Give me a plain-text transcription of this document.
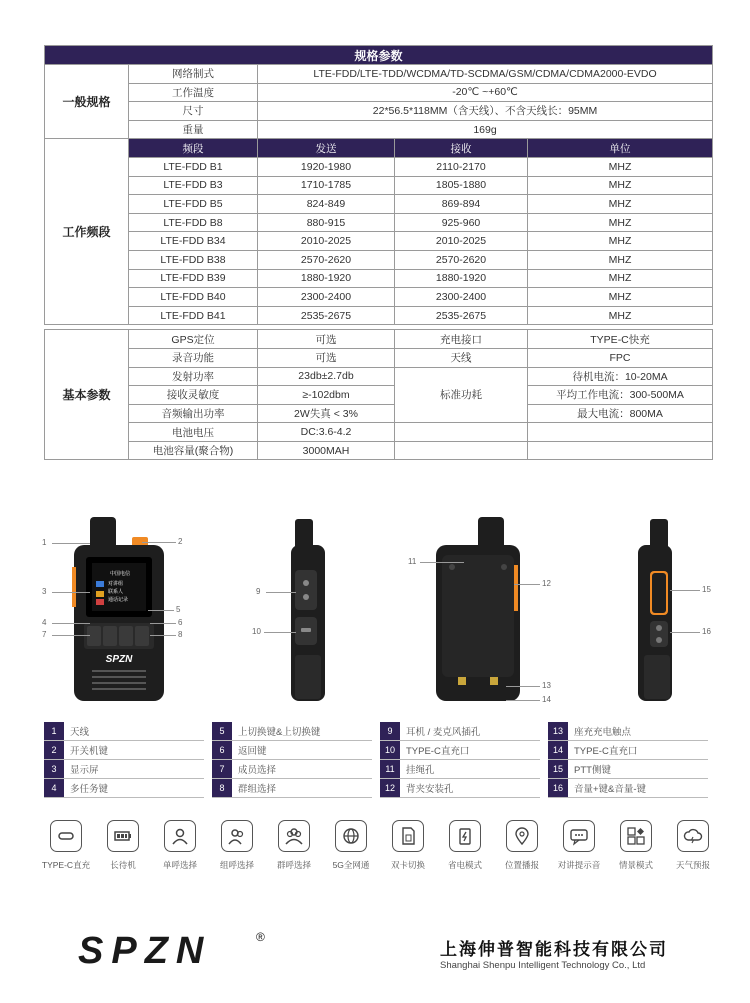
规格参数				
一般规格	网络制式	LTE-FDD/LTE-TDD/WCDMA/TD-SCDMA/GSM/CDMA/CDMA2000-EVDO		
	工作温度	-20℃ ~+60℃		
	尺寸	22*56.5*118MM（含天线）、不含天线长：95MM		
	重量	169g		
工作频段	频段	发送	接收	单位
	LTE-FDD B1	1920-1980	2110-2170	MHZ
	LTE-FDD B3	1710-1785	1805-1880	MHZ
	LTE-FDD B5	824-849	869-894	MHZ
	LTE-FDD B8	880-915	925-960	MHZ
	LTE-FDD B34	2010-2025	2010-2025	MHZ
	LTE-FDD B38	2570-2620	2570-2620	MHZ
	LTE-FDD B39	1880-1920	1880-1920	MHZ
	LTE-FDD B40	2300-2400	2300-2400	MHZ
	LTE-FDD B41	2535-2675	2535-2675	MHZ

基本参数	GPS定位	可选	充电接口	TYPE-C快充
	录音功能	可选	天线	FPC
	发射功率	23db±2.7db	标准功耗	待机电流：10-20MA
	接收灵敏度	≥-102dbm		平均工作电流：300-500MA
	音频输出功率	2W失真 < 3%		最大电流：800MA
	电池电压	DC:3.6-4.2		
	电池容量(聚合物)	3000MAH		
中国电信
对讲组
联系人
通话记录
SPZN
1	2
3
5
4	6
7	8
9
10
11
12
13
14
15
16
1	天线
2	开关机键
3	显示屏
4	多任务键
5	上切换键&上切换键
6	返回键
7	成员选择
8	群组选择
9	耳机 / 麦克风插孔
10	TYPE-C直充口
11	挂绳孔
12	背夹安装孔
13	座充充电触点
14	TYPE-C直充口
15	PTT侧键
16	音量+键&音量-键
TYPE-C直充	长待机	单呼选择	组呼选择	群呼选择	5G全网通	双卡切换	省电模式	位置播报	对讲提示音	情景模式	天气预报
SPZN	®
上海伸普智能科技有限公司
Shanghai Shenpu Intelligent Technology Co., Ltd
